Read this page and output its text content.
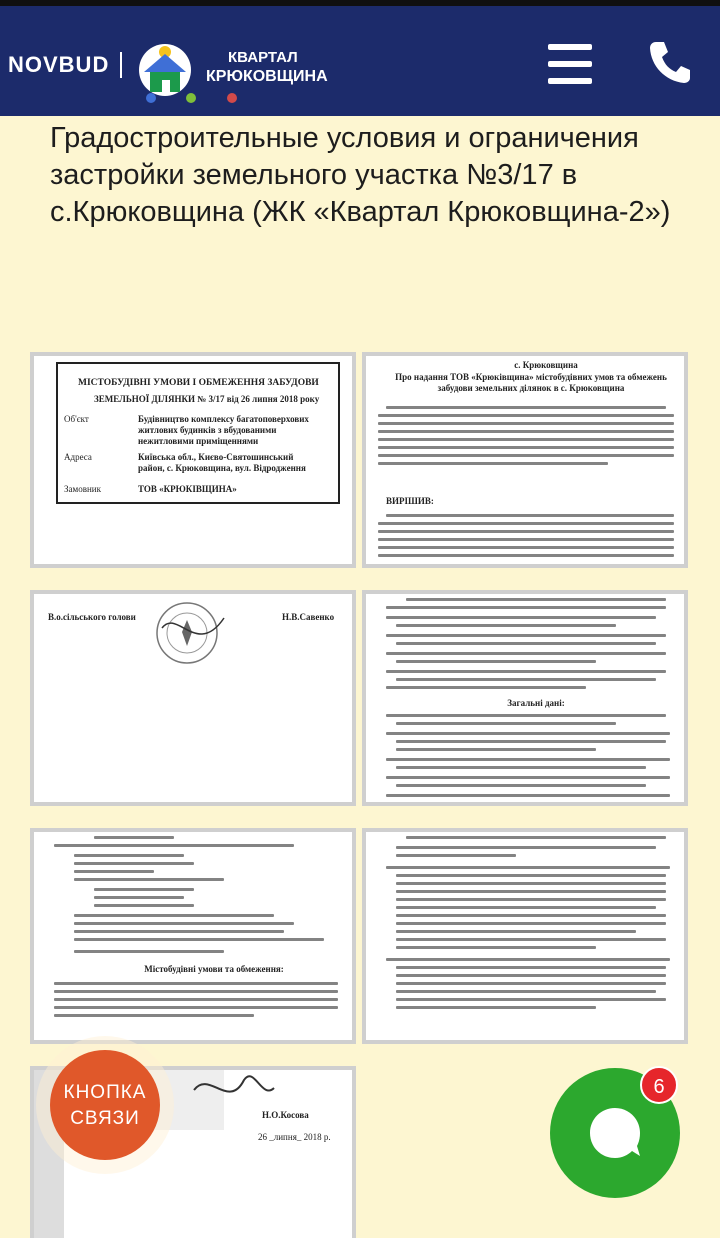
NOVBUD	КВАРТАЛ
КРЮКОВЩИНА

Градостроительные условия и ограничения застройки земельного участка №3/17 в с.Крюковщина (ЖК «Квартал Крюковщина-2»)
МІСТОБУДІВНІ УМОВИ І ОБМЕЖЕННЯ ЗАБУДОВИ
ЗЕМЕЛЬНОЇ ДІЛЯНКИ № 3/17 від 26 липня 2018 року
Об'єкт	Будівництво комплексу багатоповерхових житлових будинків з вбудованими нежитловими приміщеннями
Адреса	Київська обл., Києво-Святошинський район, с. Крюковщина, вул. Відродження
Замовник	ТОВ «КРЮКІВЩИНА»
с. Крюковщина
Про надання ТОВ «Крюківщина» містобудівних умов та обмежень забудови земельних ділянок в с. Крюковщина
ВИРІШИВ:
В.о.сільського голови	Н.В.Савенко
Загальні дані:
Містобудівні умови та обмеження:
Н.О.Косова
26 _липня_ 2018 р.
КНОПКА
СВЯЗИ
6
